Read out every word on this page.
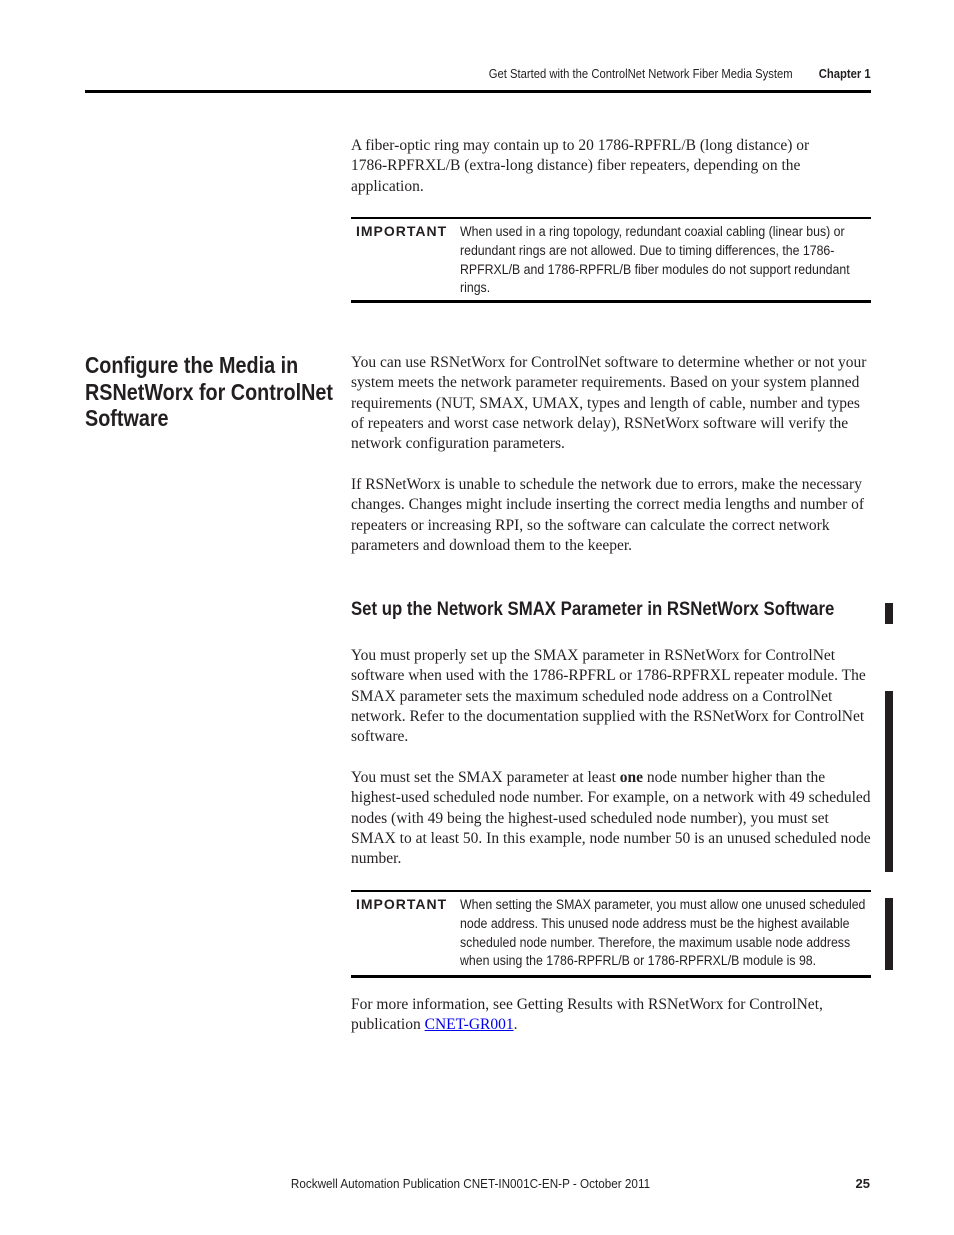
Get Started with the ControlNet Network Fiber Media System Chapter 1

A fiber-optic ring may contain up to 20 1786-RPFRL/B (long distance) or 1786-RPFRXL/B (extra-long distance) fiber repeaters, depending on the application.

IMPORTANT When used in a ring topology, redundant coaxial cabling (linear bus) or redundant rings are not allowed. Due to timing differences, the 1786-RPFRXL/B and 1786-RPFRL/B fiber modules do not support redundant rings.
Configure the Media in RSNetWorx for ControlNet Software

You can use RSNetWorx for ControlNet software to determine whether or not your system meets the network parameter requirements. Based on your system planned requirements (NUT, SMAX, UMAX, types and length of cable, number and types of repeaters and worst case network delay), RSNetWorx software will verify the network configuration parameters.

If RSNetWorx is unable to schedule the network due to errors, make the necessary changes. Changes might include inserting the correct media lengths and number of repeaters or increasing RPI, so the software can calculate the correct network parameters and download them to the keeper.

Set up the Network SMAX Parameter in RSNetWorx Software

You must properly set up the SMAX parameter in RSNetWorx for ControlNet software when used with the 1786-RPFRL or 1786-RPFRXL repeater module. The SMAX parameter sets the maximum scheduled node address on a ControlNet network. Refer to the documentation supplied with the RSNetWorx for ControlNet software.

You must set the SMAX parameter at least one node number higher than the highest-used scheduled node number. For example, on a network with 49 scheduled nodes (with 49 being the highest-used scheduled node number), you must set SMAX to at least 50. In this example, node number 50 is an unused scheduled node number.

IMPORTANT When setting the SMAX parameter, you must allow one unused scheduled node address. This unused node address must be the highest available scheduled node number. Therefore, the maximum usable node address when using the 1786-RPFRL/B or 1786-RPFRXL/B module is 98.

For more information, see Getting Results with RSNetWorx for ControlNet, publication CNET-GR001.

Rockwell Automation Publication CNET-IN001C-EN-P - October 2011	25
